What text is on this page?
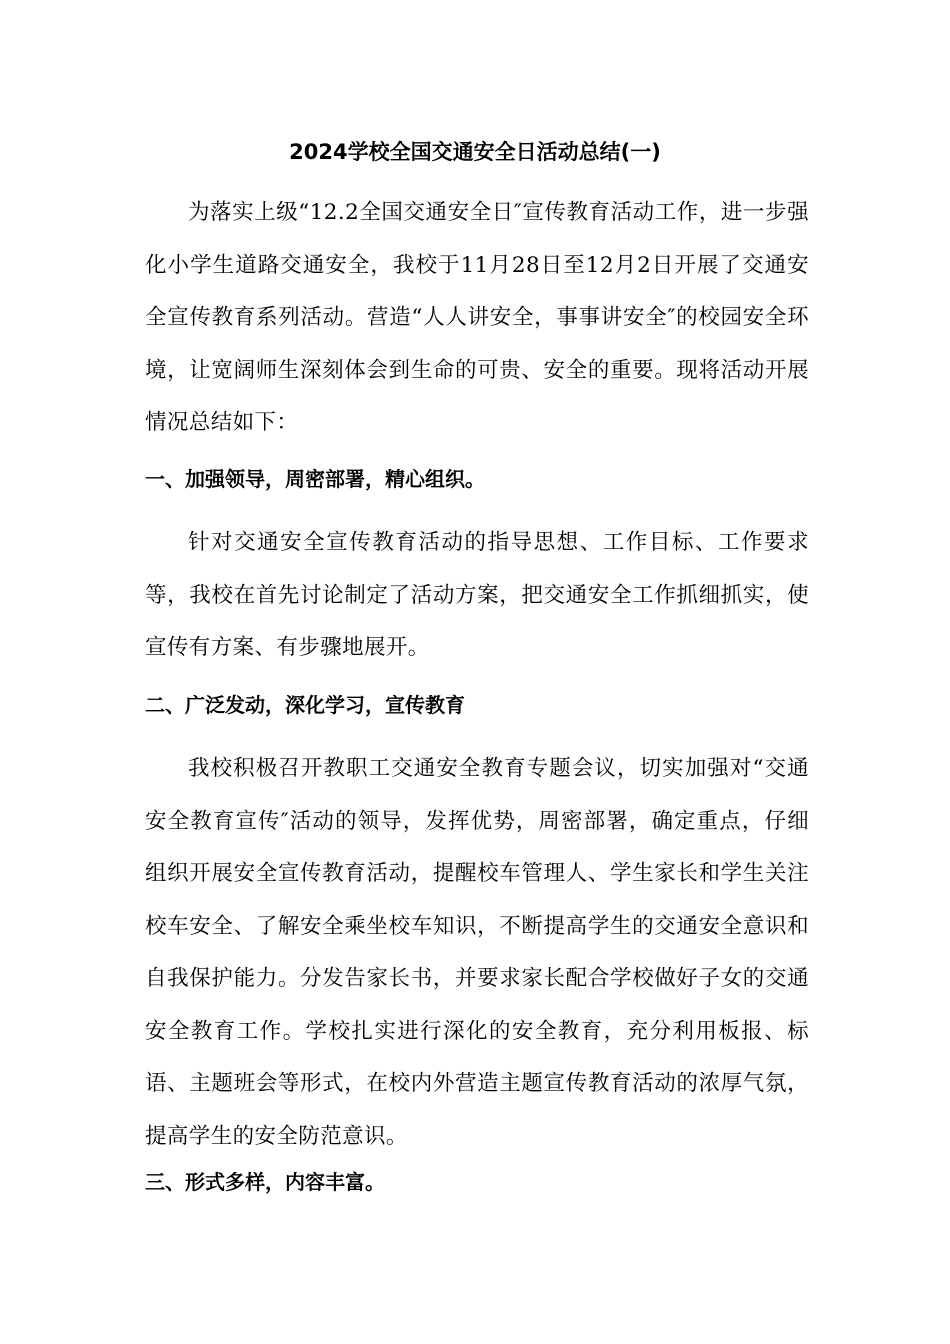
2024学校全国交通安全日活动总结(一)

为落实上级“12.2全国交通安全日″宣传教育活动工作，进一步强化小学生道路交通安全，我校于11月28日至12月2日开展了交通安全宣传教育系列活动。营造“人人讲安全，事事讲安全″的校园安全环境，让宽阔师生深刻体会到生命的可贵、安全的重要。现将活动开展情况总结如下：

一、加强领导，周密部署，精心组织。

针对交通安全宣传教育活动的指导思想、工作目标、工作要求等，我校在首先讨论制定了活动方案，把交通安全工作抓细抓实，使宣传有方案、有步骤地展开。

二、广泛发动，深化学习，宣传教育

我校积极召开教职工交通安全教育专题会议，切实加强对“交通安全教育宣传″活动的领导，发挥优势，周密部署，确定重点，仔细组织开展安全宣传教育活动，提醒校车管理人、学生家长和学生关注校车安全、了解安全乘坐校车知识，不断提高学生的交通安全意识和自我保护能力。分发告家长书，并要求家长配合学校做好子女的交通安全教育工作。学校扎实进行深化的安全教育，充分利用板报、标语、主题班会等形式，在校内外营造主题宣传教育活动的浓厚气氛，提高学生的安全防范意识。

三、形式多样，内容丰富。
